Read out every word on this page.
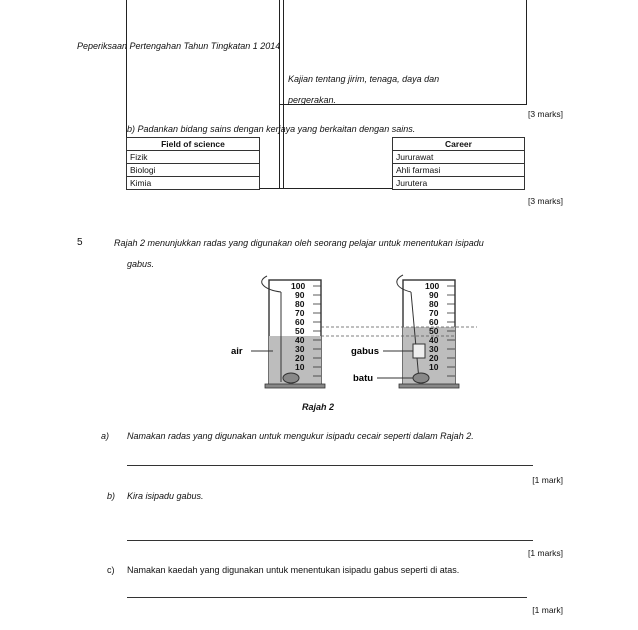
Peperiksaan Pertengahan Tahun Tingkatan 1 2014
Kajian tentang jirim, tenaga, daya dan
pergerakan.
[3 marks]
b) Padankan bidang sains dengan kerjaya yang berkaitan dengan sains.
Field of science
Fizik
Biologi
Kimia
Career
Jururawat
Ahli farmasi
Jurutera
[3 marks]
5	Rajah 2 menunjukkan radas yang digunakan oleh seorang pelajar untuk menentukan isipadu
gabus.
100
90
80
70
60
50
40
30
20
10
100
90
80
70
60
50
40
30
20
10
air	gabus
batu
Rajah 2
a) Namakan radas yang digunakan untuk mengukur isipadu cecair seperti dalam Rajah 2.
[1 mark]
b) Kira isipadu gabus.
[1 marks]
c) Namakan kaedah yang digunakan untuk menentukan isipadu gabus seperti di atas.
[1 mark]
